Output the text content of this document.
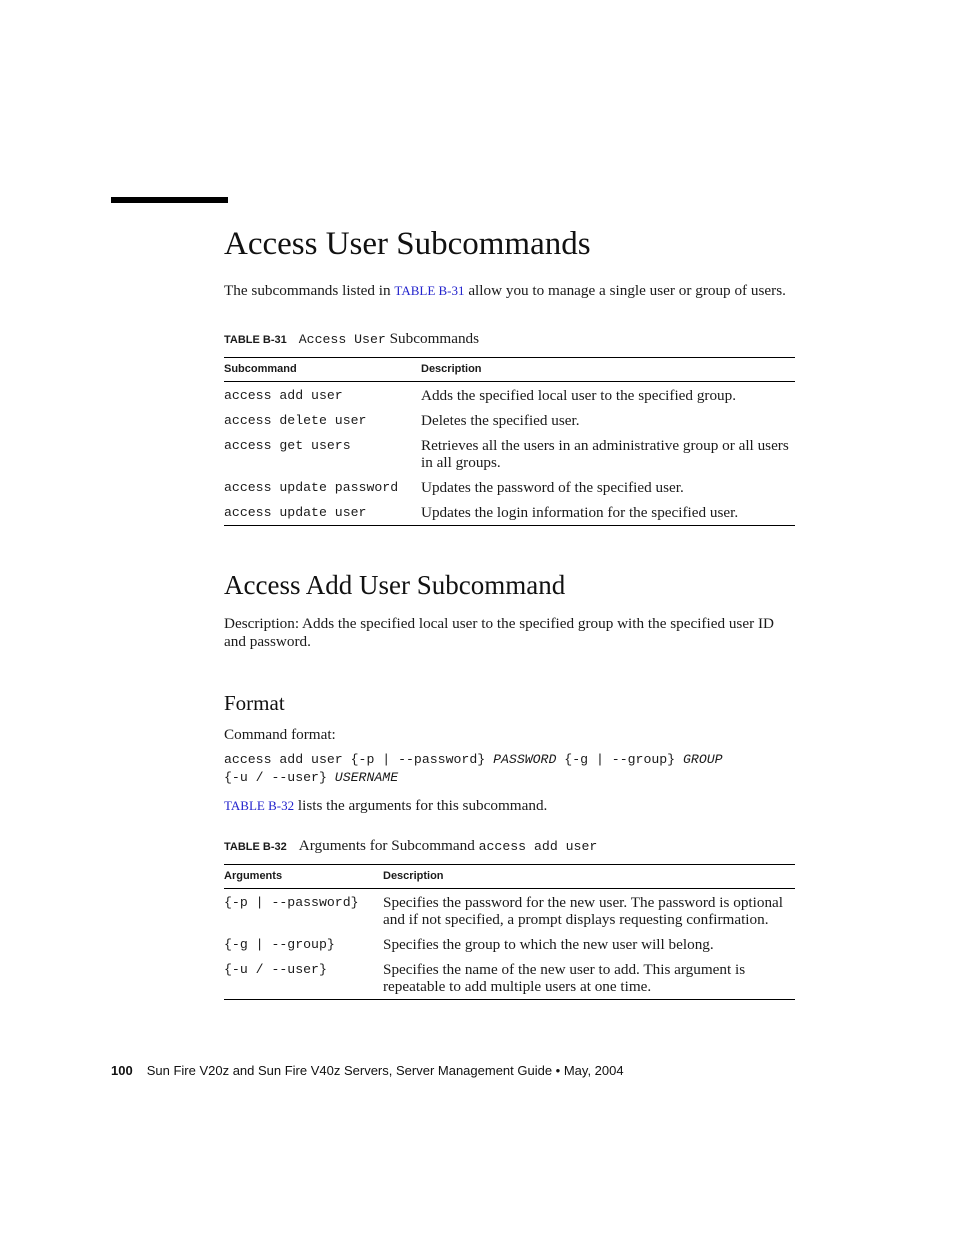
Access User Subcommands

The subcommands listed in TABLE B-31 allow you to manage a single user or group of users.

TABLE B-31 Access User Subcommands
Subcommand	Description
access add user	Adds the specified local user to the specified group.
access delete user	Deletes the specified user.
access get users	Retrieves all the users in an administrative group or all users in all groups.
access update password	Updates the password of the specified user.
access update user	Updates the login information for the specified user.
Access Add User Subcommand

Description: Adds the specified local user to the specified group with the specified user ID and password.

Format

Command format:

access add user {-p | --password} PASSWORD {-g | --group} GROUP
{-u / --user} USERNAME

TABLE B-32 lists the arguments for this subcommand.

TABLE B-32 Arguments for Subcommand access add user
Arguments	Description
{-p | --password}	Specifies the password for the new user. The password is optional and if not specified, a prompt displays requesting confirmation.
{-g | --group}	Specifies the group to which the new user will belong.
{-u / --user}	Specifies the name of the new user to add. This argument is repeatable to add multiple users at one time.
100 Sun Fire V20z and Sun Fire V40z Servers, Server Management Guide • May, 2004
